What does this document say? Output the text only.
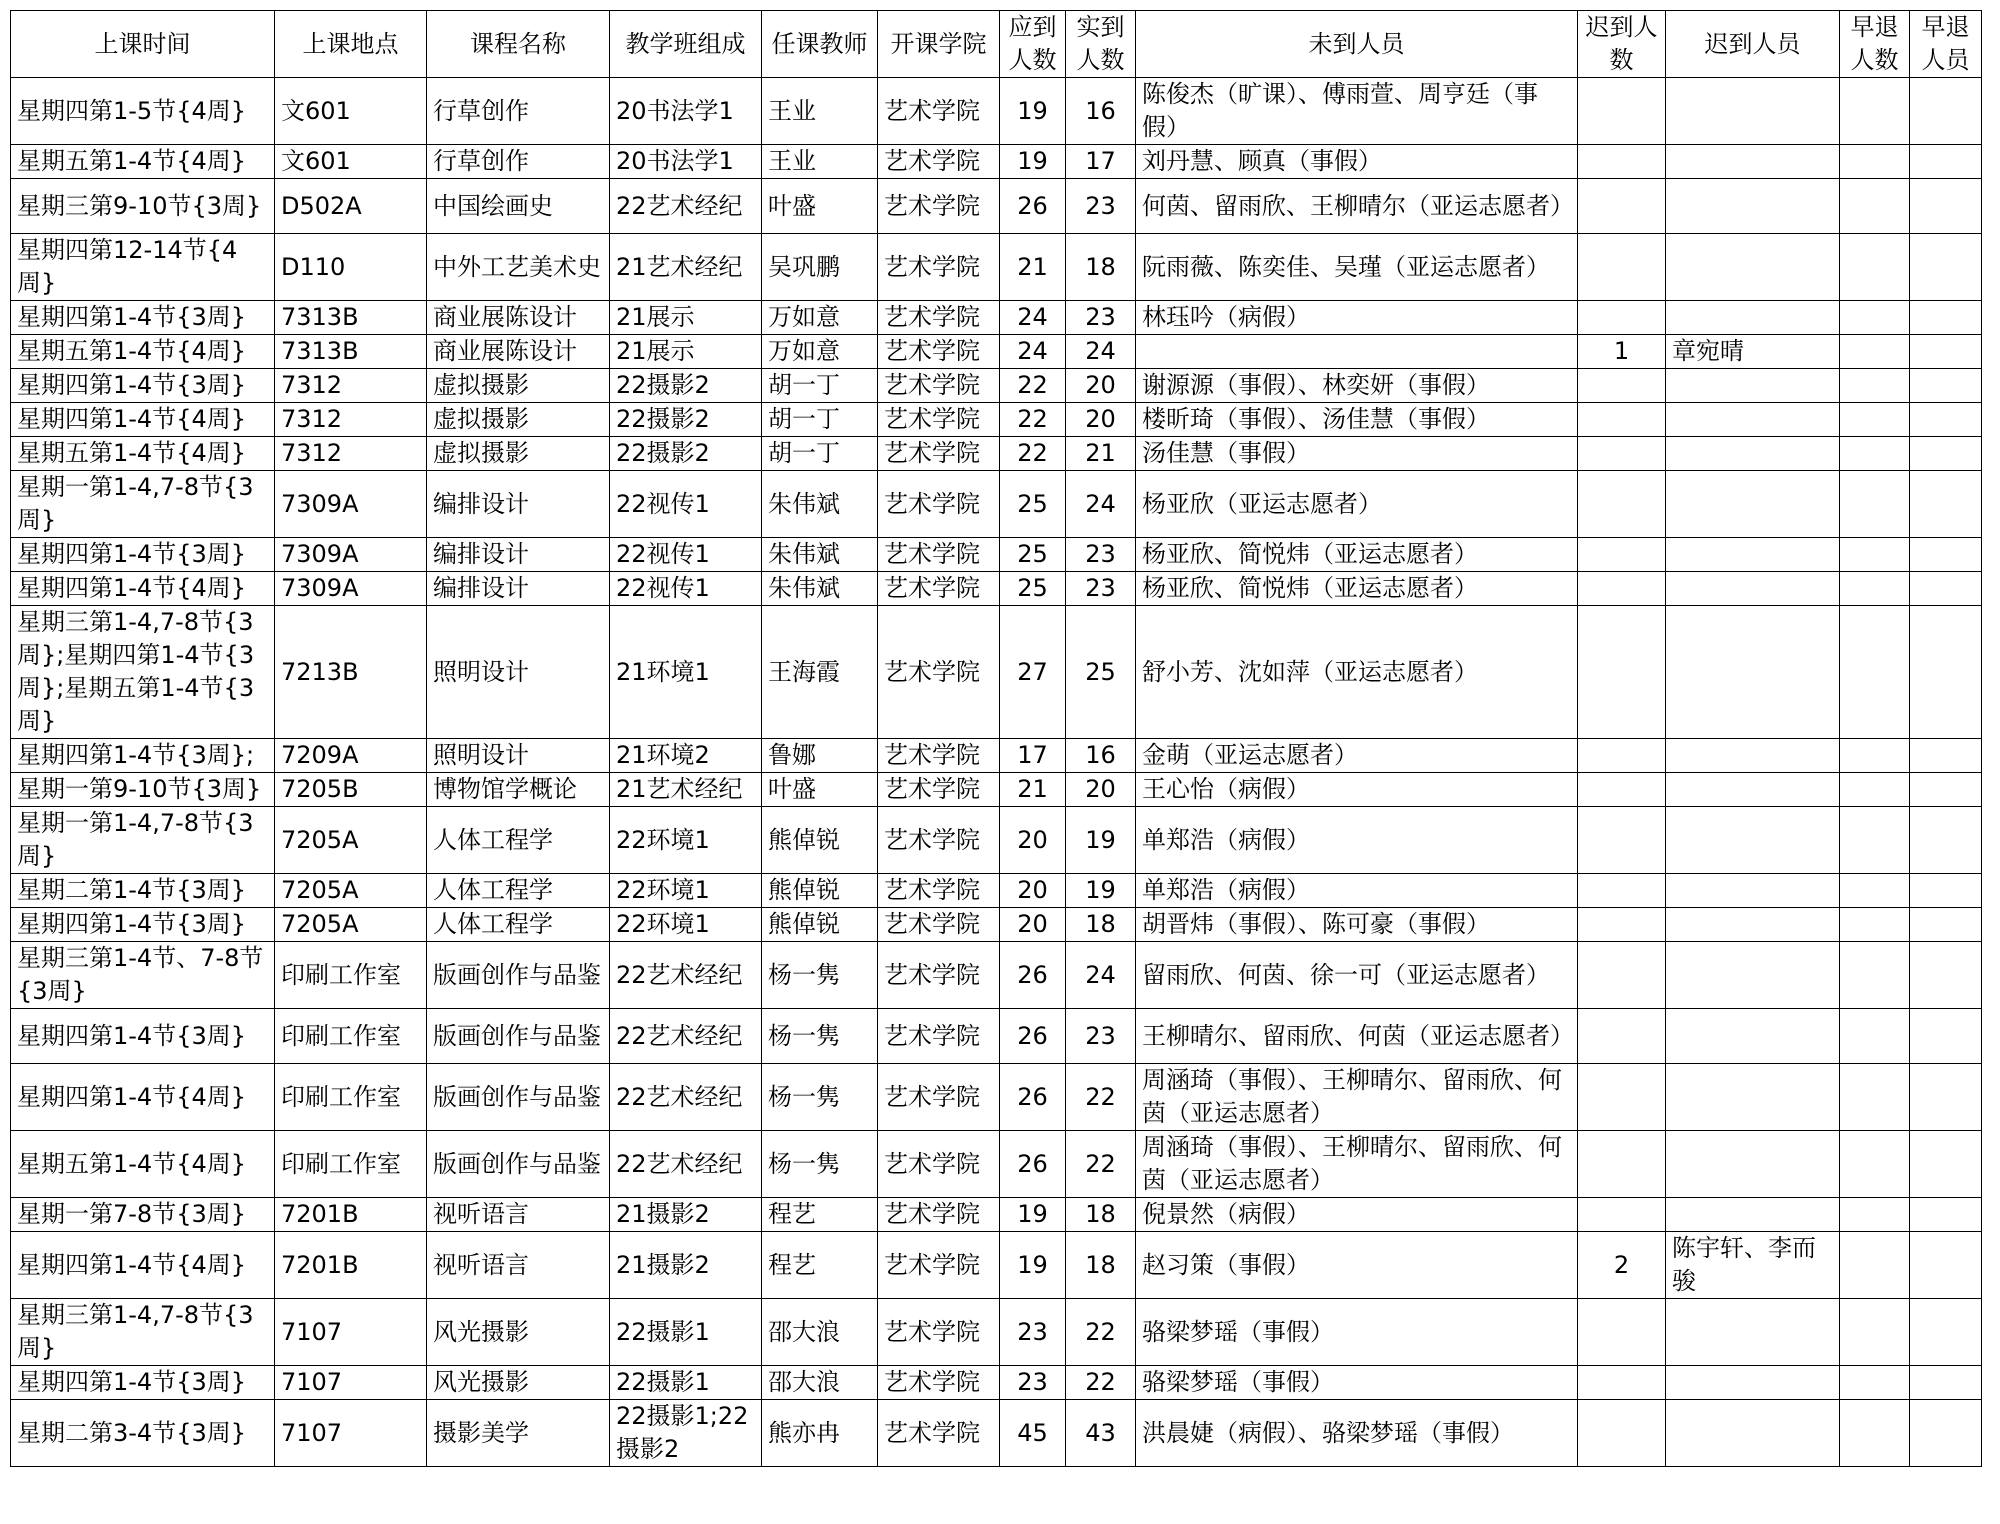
上课时间	上课地点	课程名称	教学班组成	任课教师	开课学院	应到人数	实到人数	未到人员	迟到人数	迟到人员	早退人数	早退人员
星期四第1-5节{4周}	文601	行草创作	20书法学1	王业	艺术学院	19	16	陈俊杰（旷课）、傅雨萱、周亨廷（事假）				
星期五第1-4节{4周}	文601	行草创作	20书法学1	王业	艺术学院	19	17	刘丹慧、顾真（事假）				
星期三第9-10节{3周}	D502A	中国绘画史	22艺术经纪	叶盛	艺术学院	26	23	何茵、留雨欣、王柳晴尔（亚运志愿者）				
星期四第12-14节{4周}	D110	中外工艺美术史	21艺术经纪	吴巩鹏	艺术学院	21	18	阮雨薇、陈奕佳、吴瑾（亚运志愿者）				
星期四第1-4节{3周}	7313B	商业展陈设计	21展示	万如意	艺术学院	24	23	林珏吟（病假）				
星期五第1-4节{4周}	7313B	商业展陈设计	21展示	万如意	艺术学院	24	24		1	章宛晴		
星期四第1-4节{3周}	7312	虚拟摄影	22摄影2	胡一丁	艺术学院	22	20	谢源源（事假）、林奕妍（事假）				
星期四第1-4节{4周}	7312	虚拟摄影	22摄影2	胡一丁	艺术学院	22	20	楼昕琦（事假）、汤佳慧（事假）				
星期五第1-4节{4周}	7312	虚拟摄影	22摄影2	胡一丁	艺术学院	22	21	汤佳慧（事假）				
星期一第1-4,7-8节{3周}	7309A	编排设计	22视传1	朱伟斌	艺术学院	25	24	杨亚欣（亚运志愿者）				
星期四第1-4节{3周}	7309A	编排设计	22视传1	朱伟斌	艺术学院	25	23	杨亚欣、简悦炜（亚运志愿者）				
星期四第1-4节{4周}	7309A	编排设计	22视传1	朱伟斌	艺术学院	25	23	杨亚欣、简悦炜（亚运志愿者）				
星期三第1-4,7-8节{3周};星期四第1-4节{3周};星期五第1-4节{3周}	7213B	照明设计	21环境1	王海霞	艺术学院	27	25	舒小芳、沈如萍（亚运志愿者）				
星期四第1-4节{3周};	7209A	照明设计	21环境2	鲁娜	艺术学院	17	16	金萌（亚运志愿者）				
星期一第9-10节{3周}	7205B	博物馆学概论	21艺术经纪	叶盛	艺术学院	21	20	王心怡（病假）				
星期一第1-4,7-8节{3周}	7205A	人体工程学	22环境1	熊倬锐	艺术学院	20	19	单郑浩（病假）				
星期二第1-4节{3周}	7205A	人体工程学	22环境1	熊倬锐	艺术学院	20	19	单郑浩（病假）				
星期四第1-4节{3周}	7205A	人体工程学	22环境1	熊倬锐	艺术学院	20	18	胡晋炜（事假）、陈可豪（事假）				
星期三第1-4节、7-8节{3周}	印刷工作室	版画创作与品鉴	22艺术经纪	杨一隽	艺术学院	26	24	留雨欣、何茵、徐一可（亚运志愿者）				
星期四第1-4节{3周}	印刷工作室	版画创作与品鉴	22艺术经纪	杨一隽	艺术学院	26	23	王柳晴尔、留雨欣、何茵（亚运志愿者）				
星期四第1-4节{4周}	印刷工作室	版画创作与品鉴	22艺术经纪	杨一隽	艺术学院	26	22	周涵琦（事假）、王柳晴尔、留雨欣、何茵（亚运志愿者）				
星期五第1-4节{4周}	印刷工作室	版画创作与品鉴	22艺术经纪	杨一隽	艺术学院	26	22	周涵琦（事假）、王柳晴尔、留雨欣、何茵（亚运志愿者）				
星期一第7-8节{3周}	7201B	视听语言	21摄影2	程艺	艺术学院	19	18	倪景然（病假）				
星期四第1-4节{4周}	7201B	视听语言	21摄影2	程艺	艺术学院	19	18	赵习策（事假）	2	陈宇轩、李而骏		
星期三第1-4,7-8节{3周}	7107	风光摄影	22摄影1	邵大浪	艺术学院	23	22	骆梁梦瑶（事假）				
星期四第1-4节{3周}	7107	风光摄影	22摄影1	邵大浪	艺术学院	23	22	骆梁梦瑶（事假）				
星期二第3-4节{3周}	7107	摄影美学	22摄影1;22摄影2	熊亦冉	艺术学院	45	43	洪晨婕（病假）、骆梁梦瑶（事假）				
